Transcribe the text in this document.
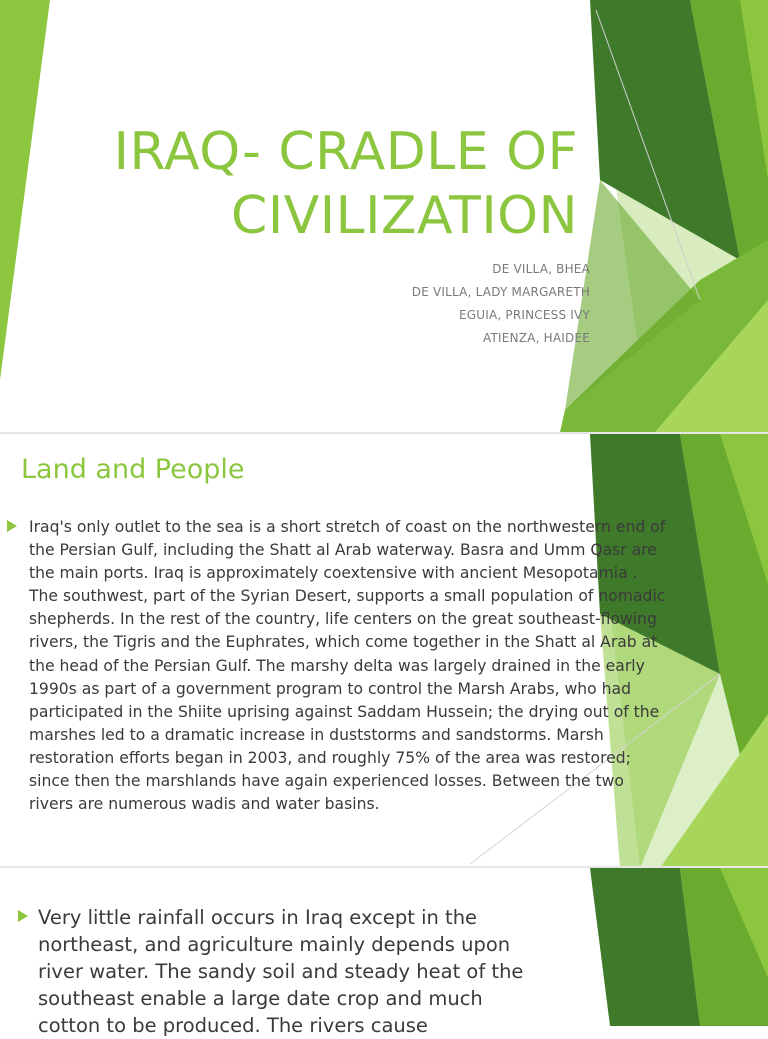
IRAQ- CRADLE OF
CIVILIZATION
DE VILLA, BHEA
DE VILLA, LADY MARGARETH
EGUIA, PRINCESS IVY
ATIENZA, HAIDEE
Land and People
Iraq's only outlet to the sea is a short stretch of coast on the northwestern end of the Persian Gulf, including the Shatt al Arab waterway. Basra and Umm Qasr are the main ports. Iraq is approximately coextensive with ancient Mesopotamia . The southwest, part of the Syrian Desert, supports a small population of nomadic shepherds. In the rest of the country, life centers on the great southeast-flowing rivers, the Tigris and the Euphrates, which come together in the Shatt al Arab at the head of the Persian Gulf. The marshy delta was largely drained in the early 1990s as part of a government program to control the Marsh Arabs, who had participated in the Shiite uprising against Saddam Hussein; the drying out of the marshes led to a dramatic increase in duststorms and sandstorms. Marsh restoration efforts began in 2003, and roughly 75% of the area was restored; since then the marshlands have again experienced losses. Between the two rivers are numerous wadis and water basins.
Very little rainfall occurs in Iraq except in the northeast, and agriculture mainly depends upon river water. The sandy soil and steady heat of the southeast enable a large date crop and much cotton to be produced. The rivers cause
